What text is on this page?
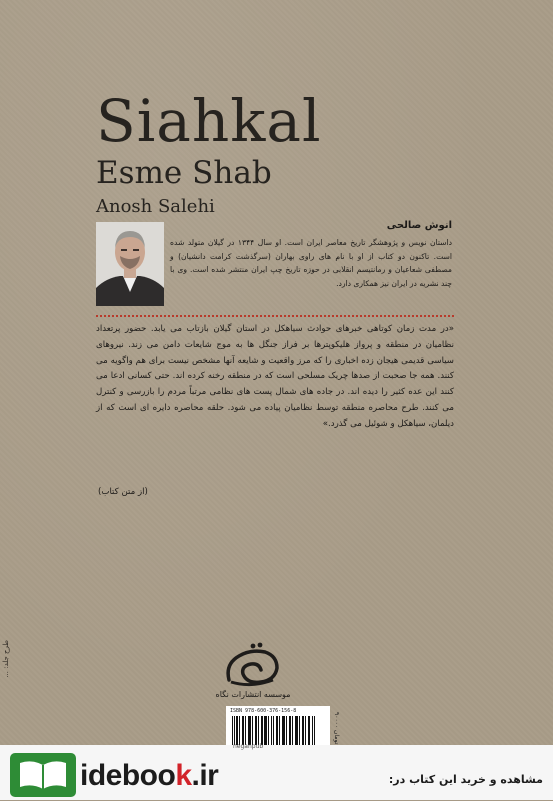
Siahkal
Esme Shab
Anosh Salehi
انوش صالحی
داستان نویس و پژوهشگر تاریخ معاصر ایران است. او سال ۱۳۴۴ در گیلان متولد شده است. تاکنون دو کتاب از او با نام های راوی بهاران (سرگذشت کرامت دانشیان) و مصطفی شعاعیان و رمانتیسم انقلابی در حوزه تاریخ چپ ایران منتشر شده است. وی با چند نشریه در ایران نیز همکاری دارد.
«در مدت زمان کوتاهی خبرهای حوادث سیاهکل در استان گیلان بازتاب می یابد. حضور پرتعداد نظامیان در منطقه و پرواز هلیکوپترها بر فراز جنگل ها به موج شایعات دامن می زند. نیروهای سیاسی قدیمی هیجان زده اخباری را که مرز واقعیت و شایعه آنها مشخص نیست برای هم واگویه می کنند. همه جا صحبت از صدها چریک مسلحی است که در منطقه رخنه کرده اند. حتی کسانی ادعا می کنند این عده کثیر را دیده اند. در جاده های شمال پست های نظامی مرتباً مردم را بازرسی و کنترل می کنند. طرح محاصره منطقه توسط نظامیان پیاده می شود. حلقه محاصره دایره ای است که از دیلمان، سیاهکل و شوئیل می گذرد.»
(از متن کتاب)
طرح جلد: ...
موسسه انتشارات نگاه
ISBN 978-600-376-156-8
۹۰۰۰۰ تومان
idebook.ir
neganpub
مشاهده و خرید این کتاب در:
